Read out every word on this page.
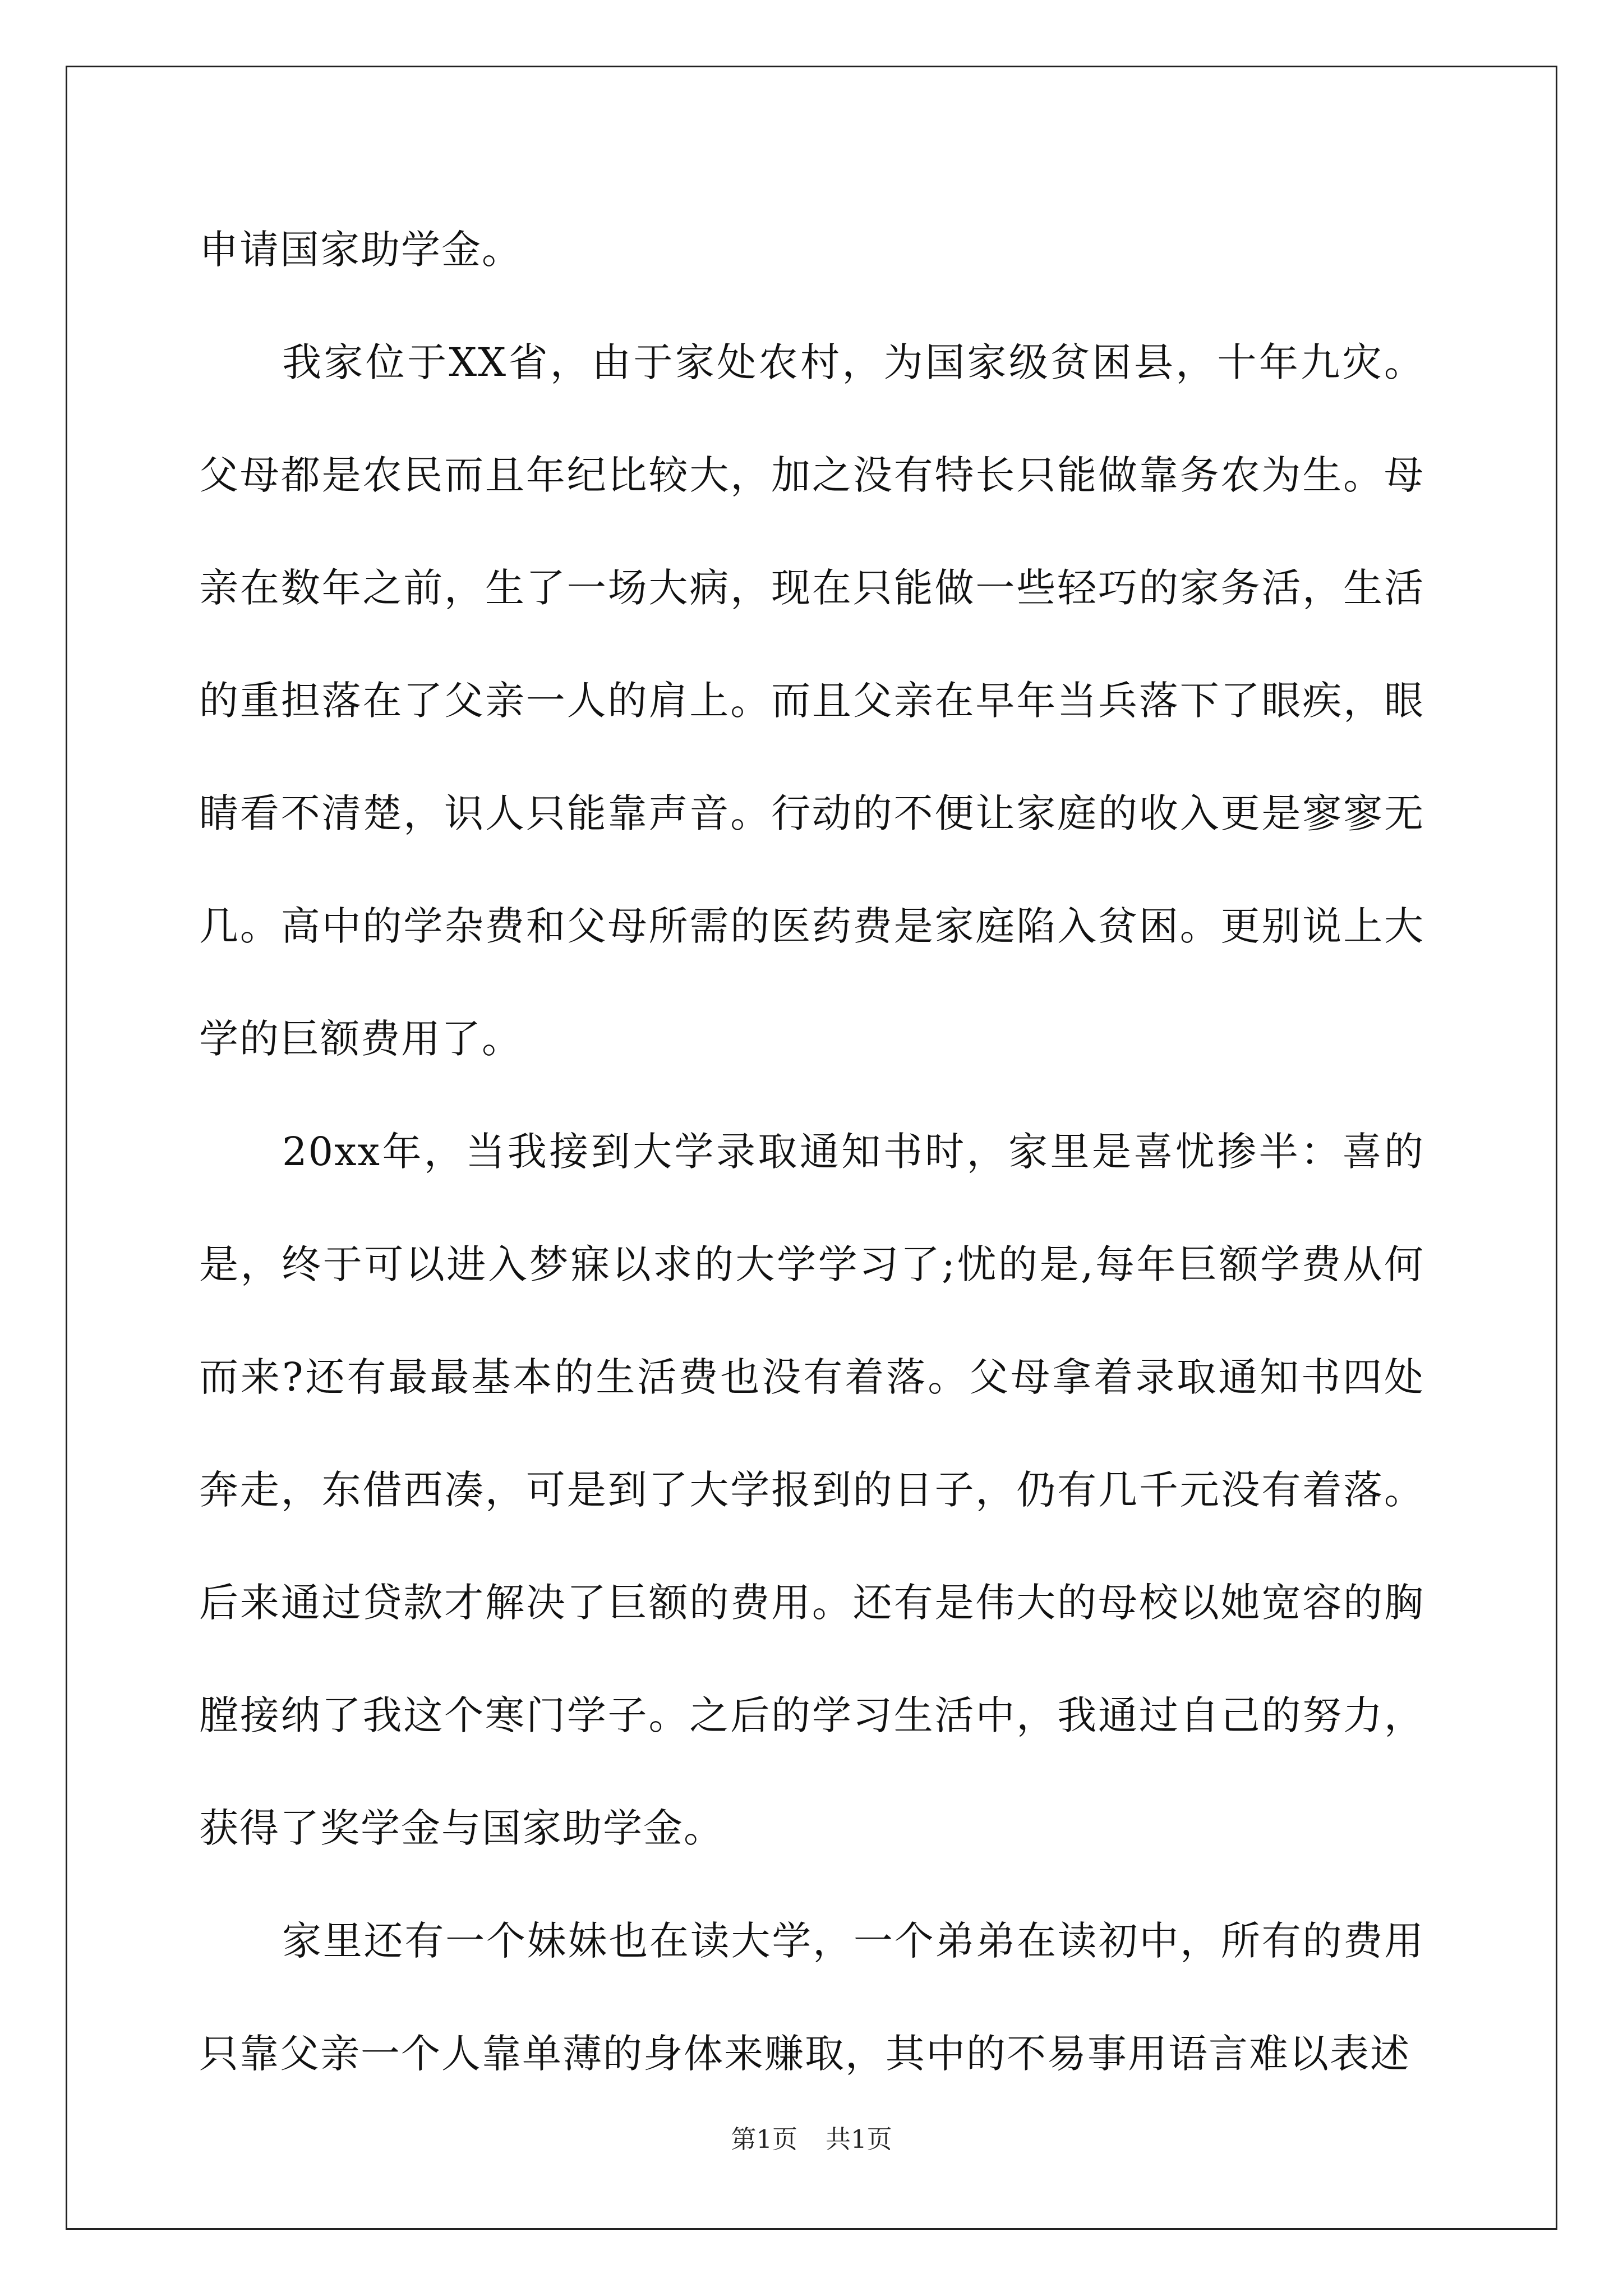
申请国家助学金。

我家位于XX省，由于家处农村，为国家级贫困县，十年九灾。父母都是农民而且年纪比较大，加之没有特长只能做靠务农为生。母亲在数年之前，生了一场大病，现在只能做一些轻巧的家务活，生活的重担落在了父亲一人的肩上。而且父亲在早年当兵落下了眼疾，眼睛看不清楚，识人只能靠声音。行动的不便让家庭的收入更是寥寥无几。高中的学杂费和父母所需的医药费是家庭陷入贫困。更别说上大学的巨额费用了。

20xx年，当我接到大学录取通知书时，家里是喜忧掺半：喜的是，终于可以进入梦寐以求的大学学习了;忧的是,每年巨额学费从何而来?还有最最基本的生活费也没有着落。父母拿着录取通知书四处奔走，东借西凑，可是到了大学报到的日子，仍有几千元没有着落。后来通过贷款才解决了巨额的费用。还有是伟大的母校以她宽容的胸膛接纳了我这个寒门学子。之后的学习生活中，我通过自己的努力，获得了奖学金与国家助学金。

家里还有一个妹妹也在读大学，一个弟弟在读初中，所有的费用只靠父亲一个人靠单薄的身体来赚取，其中的不易事用语言难以表述

第1页 共1页
